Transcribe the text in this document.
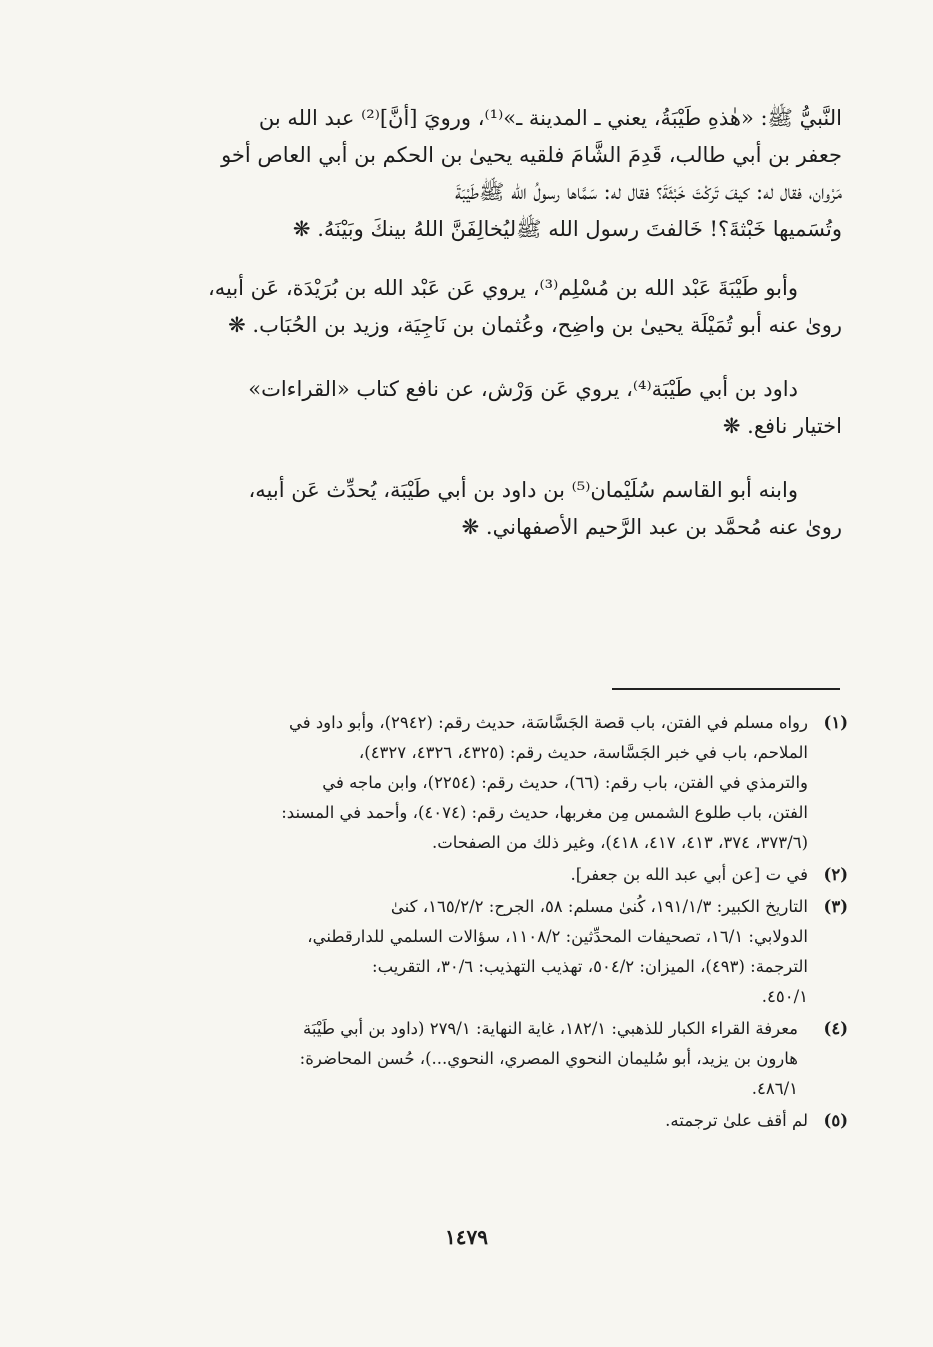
النَّبيُّ ﷺ: «هٰذهِ طَيْبَةُ، يعني ـ المدينة ـ»⁽¹⁾، ورويَ [أنَّ]⁽²⁾ عبد الله بن
جعفر بن أبي طالب، قَدِمَ الشَّامَ فلقيه يحيىٰ بن الحكم بن أبي العاص أخو
مَرْوان، فقال له: كيفَ تَركْتَ خَبْثَةَ؟ فقال له: سَمَّاها رسولُ الله ﷺطَيْبَةَ
وتُسَميها خَبْثةَ؟! خَالفتَ رسول الله ﷺليُخالِفَنَّ اللهُ بينكَ وبَيْنَهُ. ❋
وأبو طَيْبَةَ عَبْد الله بن مُسْلِم⁽³⁾، يروي عَن عَبْد الله بن بُرَيْدَة، عَن أبيه،
روىٰ عنه أبو تُمَيْلَة يحيىٰ بن واضِح، وعُثمان بن نَاجِيَة، وزيد بن الحُبَاب. ❋
داود بن أبي طَيْبَة⁽⁴⁾، يروي عَن وَرْش، عن نافع كتاب «القراءات»
اختيار نافع. ❋
وابنه أبو القاسم سُلَيْمان⁽⁵⁾ بن داود بن أبي طَيْبَة، يُحدِّث عَن أبيه،
روىٰ عنه مُحمَّد بن عبد الرَّحيم الأصفهاني. ❋
(١)
رواه مسلم في الفتن، باب قصة الجَسَّاسَة، حديث رقم: (٢٩٤٢)، وأبو داود في
الملاحم، باب في خبر الجَسَّاسة، حديث رقم: (٤٣٢٥، ٤٣٢٦، ٤٣٢٧)،
والترمذي في الفتن، باب رقم: (٦٦)، حديث رقم: (٢٢٥٤)، وابن ماجه في
الفتن، باب طلوع الشمس مِن مغربها، حديث رقم: (٤٠٧٤)، وأحمد في المسند:
(٣٧٣/٦، ٣٧٤، ٤١٣، ٤١٧، ٤١٨)، وغير ذلك من الصفحات.
(٢)
في ت [عن أبي عبد الله بن جعفر].
(٣)
التاريخ الكبير: ١٩١/١/٣، كُنىٰ مسلم: ٥٨، الجرح: ١٦٥/٢/٢، كنىٰ
الدولابي: ١٦/١، تصحيفات المحدِّثين: ١١٠٨/٢، سؤالات السلمي للدارقطني،
الترجمة: (٤٩٣)، الميزان: ٥٠٤/٢، تهذيب التهذيب: ٣٠/٦، التقريب:
٤٥٠/١.
(٤)
معرفة القراء الكبار للذهبي: ١٨٢/١، غاية النهاية: ٢٧٩/١ (داود بن أبي طَيْبَة
هارون بن يزيد، أبو سُليمان النحوي المصري، النحوي...)، حُسن المحاضرة:
٤٨٦/١.
(٥)
لم أقف علىٰ ترجمته.
١٤٧٩
